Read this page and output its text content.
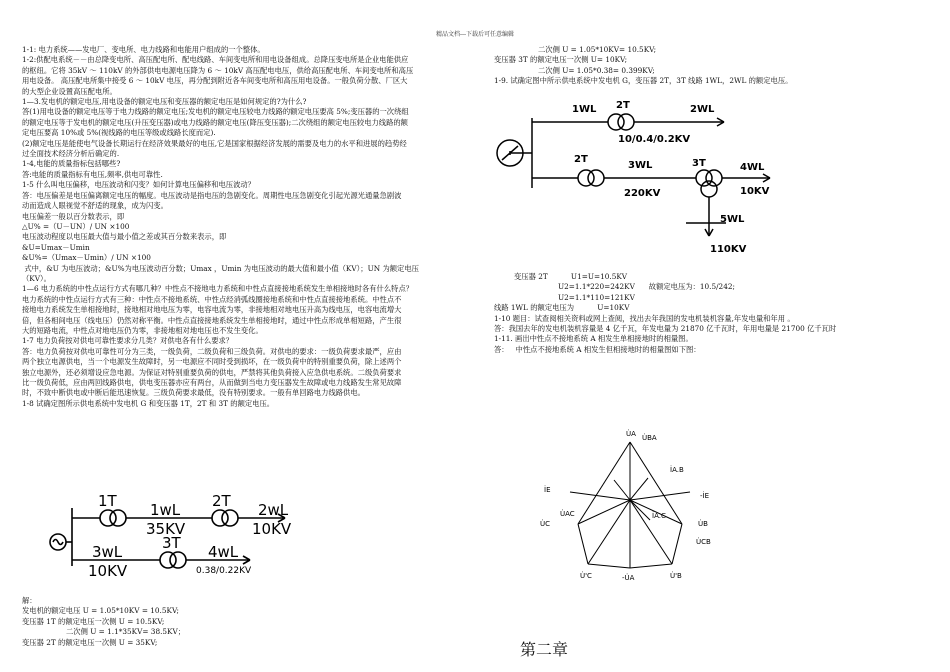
精品文档---下载后可任意编辑
1-1: 电力系统——发电厂、变电所、电力线路和电能用户组成的一个整体。
1-2:供配电系统－－由总降变电所、高压配电所、配电线路、车间变电所和用电设备组成。总降压变电所是企业电能供应
的枢纽。它将 35kV ～ 110kV 的外部供电电源电压降为 6 ～ 10kV 高压配电电压，供给高压配电所、车间变电所和高压
用电设备。 高压配电所集中接受 6 ～ 10kV 电压，再分配到附近各车间变电所和高压用电设备。一般负荷分散、厂区大
的大型企业设置高压配电所。
1—3.发电机的额定电压,用电设备的额定电压和变压器的额定电压是如何规定的?为什么?
答(1)用电设备的额定电压等于电力线路的额定电压;发电机的额定电压较电力线路的额定电压要高 5%;变压器的一次绕组
的额定电压等于发电机的额定电压(升压变压器)或电力线路的额定电压(降压变压器);二次绕组的额定电压较电力线路的额
定电压要高 10%或 5%(视线路的电压等级或线路长度而定).
(2)额定电压是能使电气设备长期运行在经济效果最好的电压,它是国家根据经济发展的需要及电力的水平和进展的趋势经
过全面技术经济分析后确定的.
1-4,电能的质量指标包括哪些?
答:电能的质量指标有电压,频率,供电可靠性.
1-5 什么叫电压偏移，电压波动和闪变？如何计算电压偏移和电压波动？
答：电压偏差是电压偏离额定电压的幅度。电压波动是指电压的急剧变化。周期性电压急剧变化引起光源光通量急剧波
动而造成人眼视觉不舒适的现象，成为闪变。
电压偏差一般以百分数表示，即
△U% =（U－UN）/ UN ×100
电压波动程度以电压最大值与最小值之差或其百分数来表示，即
&U=Umax－Umin
&U%=（Umax－Umin）/ UN ×100
式中，&U 为电压波动；&U%为电压波动百分数；Umax ，Umin 为电压波动的最大值和最小值（KV）；UN 为额定电压
（KV）。
1—6 电力系统的中性点运行方式有哪几种？中性点不接地电力系统和中性点直接接地系统发生单相接地时各有什么特点？
电力系统的中性点运行方式有三种：中性点不接地系统、中性点经消弧线圈接地系统和中性点直接接地系统。中性点不
接地电力系统发生单相接地时，接地相对地电压为零，电容电流为零，非接地相对地电压升高为线电压，电容电流增大
倍，但各相间电压（线电压）仍然对称平衡。中性点直接接地系统发生单相接地时，通过中性点形成单相短路，产生很
大的短路电流，中性点对地电压仍为零，非接地相对地电压也不发生变化。
1-7 电力负荷按对供电可靠性要求分几类？对供电各有什么要求？
答：电力负荷按对供电可靠性可分为三类，一级负荷，二级负荷和三级负荷。对供电的要求：一级负荷要求最严，应由
两个独立电源供电，当一个电源发生故障时，另一电源应不同时受到损坏，在一级负荷中的特别重要负荷，除上述两个
独立电源外，还必须增设应急电源。为保证对特别重要负荷的供电，严禁将其他负荷接入应急供电系统。二级负荷要求
比一级负荷低，应由两回线路供电，供电变压器亦应有两台，从而做到当电力变压器发生故障或电力线路发生常见故障
时，不致中断供电或中断后能迅速恢复。三级负荷要求最低，没有特别要求。一般有单回路电力线路供电。
1-8 试确定图所示供电系统中发电机 G 和变压器 1T，2T 和 3T 的额定电压。
1T 1wL
35KV
2T 2wL
10KV
3wL
10KV
3T 4wL
0.38/0.22KV
解：
发电机的额定电压 U = 1.05*10KV = 10.5KV;
变压器 1T 的额定电压一次侧 U = 10.5KV;
二次侧 U = 1.1*35KV= 38.5KV；
变压器 2T 的额定电压一次侧 U = 35KV;
二次侧 U = 1.05*10KV= 10.5KV;
变压器 3T 的额定电压一次侧 U= 10KV;
二次侧 U= 1.05*0.38= 0.399KV;
1-9. 试确定图中所示供电系统中发电机 G，变压器 2T，3T 线路 1WL，2WL 的额定电压。
1WL 2T	2WL
10/0.4/0.2KV
2T
3WL
220KV
3T	4WL
10KV
5WL
110KV
变压器 2T          U1=U=10.5KV
U2=1.1*220=242KV      故额定电压为：10.5/242;
U2=1.1*110=121KV
线路 1WL 的额定电压为          U=10KV
1-10 题目：试查阅相关资料或网上查阅，找出去年我国的发电机装机容量,年发电量和年用 。
答：我国去年的发电机装机容量是 4 亿千瓦，年发电量为 21870 亿千瓦时，年用电量是 21700 亿千瓦时
1-11. 画出中性点不接地系统 A 相发生单相接地时的相量图。
答：   中性点不接地系统 A 相发生但相接地时的相量图如下图：
U̇A U̇BA
İA.B
İE
-İE
U̇C
U̇AC	İA.C
U̇B
U̇CB
U̇'C	-U̇A	U̇'B
第二章
